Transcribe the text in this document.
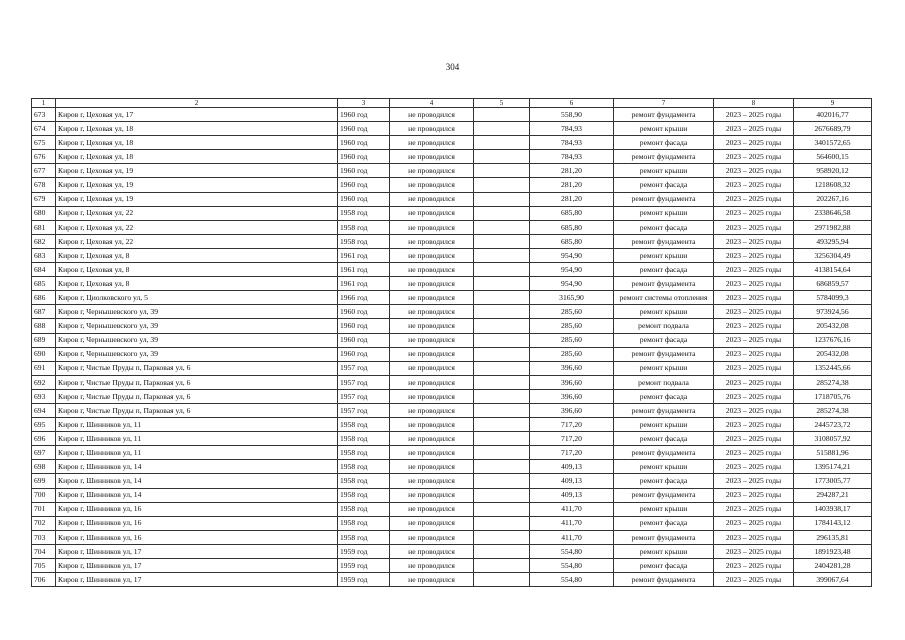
304
1	2	3	4	5	6	7	8	9
673	Киров г, Цеховая ул, 17	1960 год	не проводился		558,90	ремонт фундамента	2023 – 2025 годы	402016,77
674	Киров г, Цеховая ул, 18	1960 год	не проводился		784,93	ремонт крыши	2023 – 2025 годы	2676689,79
675	Киров г, Цеховая ул, 18	1960 год	не проводился		784,93	ремонт фасада	2023 – 2025 годы	3401572,65
676	Киров г, Цеховая ул, 18	1960 год	не проводился		784,93	ремонт фундамента	2023 – 2025 годы	564600,15
677	Киров г, Цеховая ул, 19	1960 год	не проводился		281,20	ремонт крыши	2023 – 2025 годы	958920,12
678	Киров г, Цеховая ул, 19	1960 год	не проводился		281,20	ремонт фасада	2023 – 2025 годы	1218608,32
679	Киров г, Цеховая ул, 19	1960 год	не проводился		281,20	ремонт фундамента	2023 – 2025 годы	202267,16
680	Киров г, Цеховая ул, 22	1958 год	не проводился		685,80	ремонт крыши	2023 – 2025 годы	2338646,58
681	Киров г, Цеховая ул, 22	1958 год	не проводился		685,80	ремонт фасада	2023 – 2025 годы	2971982,88
682	Киров г, Цеховая ул, 22	1958 год	не проводился		685,80	ремонт фундамента	2023 – 2025 годы	493295,94
683	Киров г, Цеховая ул, 8	1961 год	не проводился		954,90	ремонт крыши	2023 – 2025 годы	3256304,49
684	Киров г, Цеховая ул, 8	1961 год	не проводился		954,90	ремонт фасада	2023 – 2025 годы	4138154,64
685	Киров г, Цеховая ул, 8	1961 год	не проводился		954,90	ремонт фундамента	2023 – 2025 годы	686859,57
686	Киров г, Циолковского ул, 5	1966 год	не проводился		3165,90	ремонт системы отопления	2023 – 2025 годы	5784099,3
687	Киров г, Чернышевского ул, 39	1960 год	не проводился		285,60	ремонт крыши	2023 – 2025 годы	973924,56
688	Киров г, Чернышевского ул, 39	1960 год	не проводился		285,60	ремонт подвала	2023 – 2025 годы	205432,08
689	Киров г, Чернышевского ул, 39	1960 год	не проводился		285,60	ремонт фасада	2023 – 2025 годы	1237676,16
690	Киров г, Чернышевского ул, 39	1960 год	не проводился		285,60	ремонт фундамента	2023 – 2025 годы	205432,08
691	Киров г, Чистые Пруды п, Парковая ул, 6	1957 год	не проводился		396,60	ремонт крыши	2023 – 2025 годы	1352445,66
692	Киров г, Чистые Пруды п, Парковая ул, 6	1957 год	не проводился		396,60	ремонт подвала	2023 – 2025 годы	285274,38
693	Киров г, Чистые Пруды п, Парковая ул, 6	1957 год	не проводился		396,60	ремонт фасада	2023 – 2025 годы	1718705,76
694	Киров г, Чистые Пруды п, Парковая ул, 6	1957 год	не проводился		396,60	ремонт фундамента	2023 – 2025 годы	285274,38
695	Киров г, Шинников ул, 11	1958 год	не проводился		717,20	ремонт крыши	2023 – 2025 годы	2445723,72
696	Киров г, Шинников ул, 11	1958 год	не проводился		717,20	ремонт фасада	2023 – 2025 годы	3108057,92
697	Киров г, Шинников ул, 11	1958 год	не проводился		717,20	ремонт фундамента	2023 – 2025 годы	515881,96
698	Киров г, Шинников ул, 14	1958 год	не проводился		409,13	ремонт крыши	2023 – 2025 годы	1395174,21
699	Киров г, Шинников ул, 14	1958 год	не проводился		409,13	ремонт фасада	2023 – 2025 годы	1773005,77
700	Киров г, Шинников ул, 14	1958 год	не проводился		409,13	ремонт фундамента	2023 – 2025 годы	294287,21
701	Киров г, Шинников ул, 16	1958 год	не проводился		411,70	ремонт крыши	2023 – 2025 годы	1403938,17
702	Киров г, Шинников ул, 16	1958 год	не проводился		411,70	ремонт фасада	2023 – 2025 годы	1784143,12
703	Киров г, Шинников ул, 16	1958 год	не проводился		411,70	ремонт фундамента	2023 – 2025 годы	296135,81
704	Киров г, Шинников ул, 17	1959 год	не проводился		554,80	ремонт крыши	2023 – 2025 годы	1891923,48
705	Киров г, Шинников ул, 17	1959 год	не проводился		554,80	ремонт фасада	2023 – 2025 годы	2404281,28
706	Киров г, Шинников ул, 17	1959 год	не проводился		554,80	ремонт фундамента	2023 – 2025 годы	399067,64
